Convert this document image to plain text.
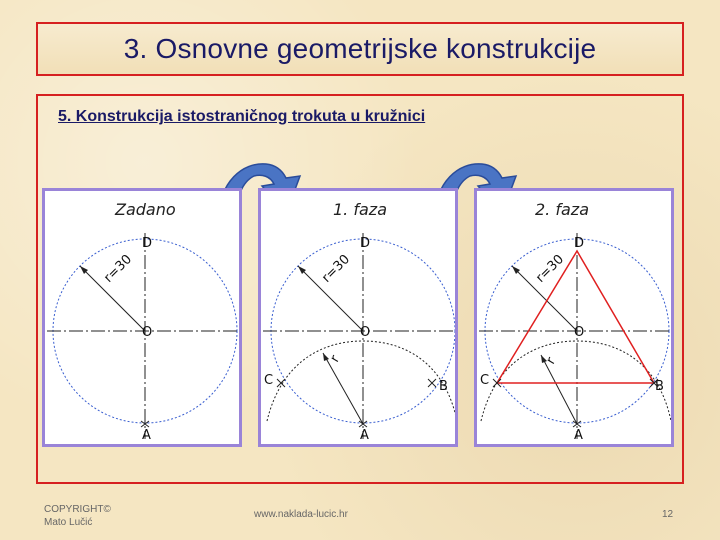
3. Osnovne geometrijske konstrukcije
5. Konstrukcija istostraničnog trokuta u kružnici
Zadano
r=30
D
O
A
1. faza
r=30
r
D
O
A
C	B
2. faza
r=30
r
D
O
A
C	B
COPYRIGHT©
Mato Lučić
www.naklada-lucic.hr	12
